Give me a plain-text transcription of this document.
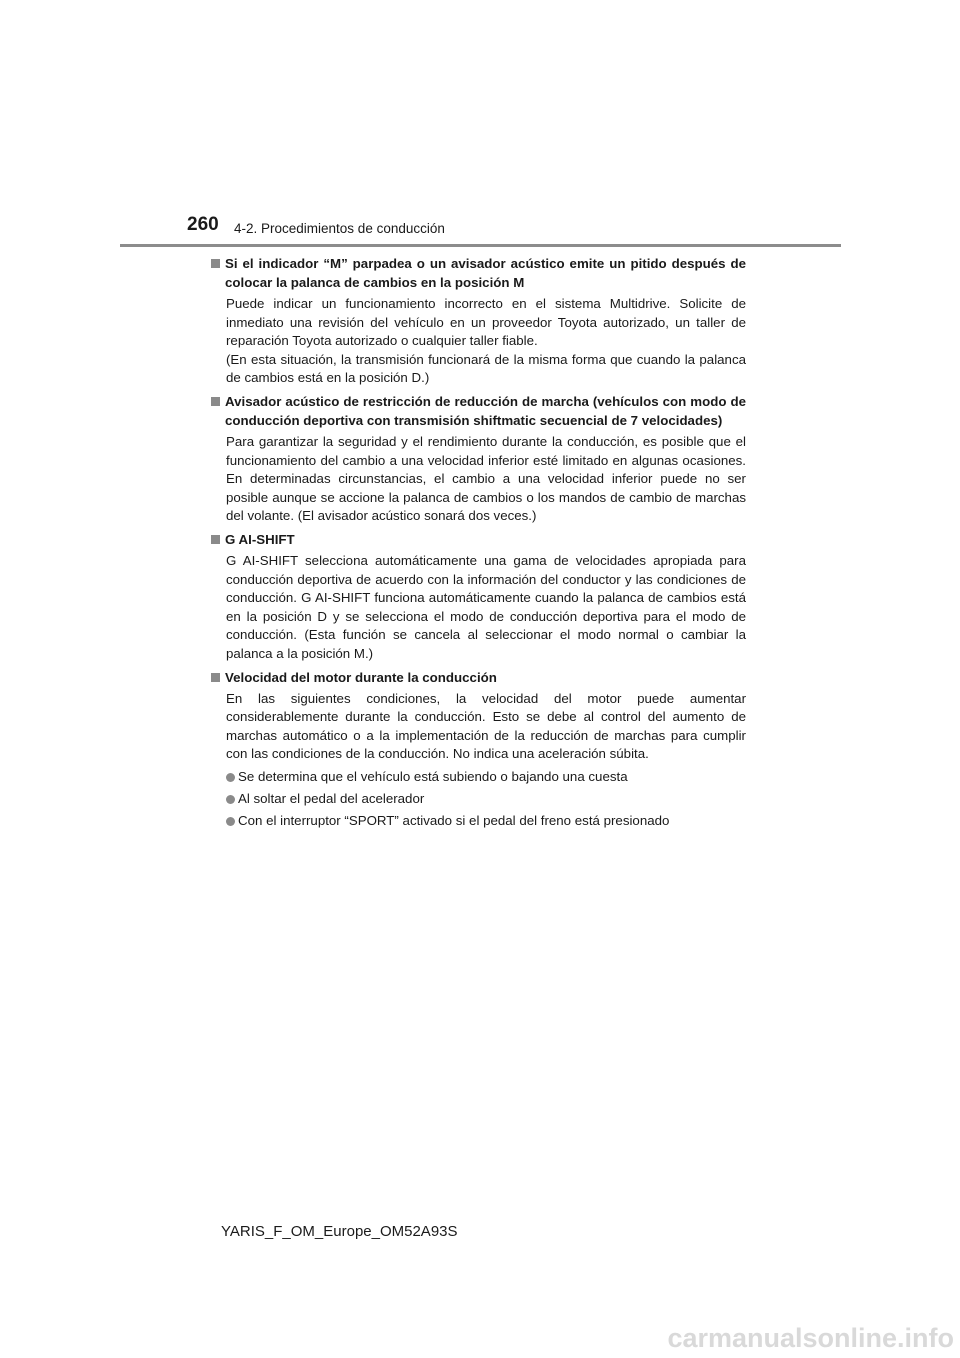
260 4-2. Procedimientos de conducción
Si el indicador “M” parpadea o un avisador acústico emite un pitido después de colocar la palanca de cambios en la posición M
Puede indicar un funcionamiento incorrecto en el sistema Multidrive. Solicite de inmediato una revisión del vehículo en un proveedor Toyota autorizado, un taller de reparación Toyota autorizado o cualquier taller fiable.
(En esta situación, la transmisión funcionará de la misma forma que cuando la palanca de cambios está en la posición D.)
Avisador acústico de restricción de reducción de marcha (vehículos con modo de conducción deportiva con transmisión shiftmatic secuencial de 7 velocidades)
Para garantizar la seguridad y el rendimiento durante la conducción, es posible que el funcionamiento del cambio a una velocidad inferior esté limitado en algunas ocasiones. En determinadas circunstancias, el cambio a una velocidad inferior puede no ser posible aunque se accione la palanca de cambios o los mandos de cambio de marchas del volante. (El avisador acústico sonará dos veces.)
G AI-SHIFT
G AI-SHIFT selecciona automáticamente una gama de velocidades apropiada para conducción deportiva de acuerdo con la información del conductor y las condiciones de conducción. G AI-SHIFT funciona automáticamente cuando la palanca de cambios está en la posición D y se selecciona el modo de conducción deportiva para el modo de conducción. (Esta función se cancela al seleccionar el modo normal o cambiar la palanca a la posición M.)
Velocidad del motor durante la conducción
En las siguientes condiciones, la velocidad del motor puede aumentar considerablemente durante la conducción. Esto se debe al control del aumento de marchas automático o a la implementación de la reducción de marchas para cumplir con las condiciones de la conducción. No indica una aceleración súbita.
Se determina que el vehículo está subiendo o bajando una cuesta
Al soltar el pedal del acelerador
Con el interruptor “SPORT” activado si el pedal del freno está presionado
YARIS_F_OM_Europe_OM52A93S
carmanualsonline.info
